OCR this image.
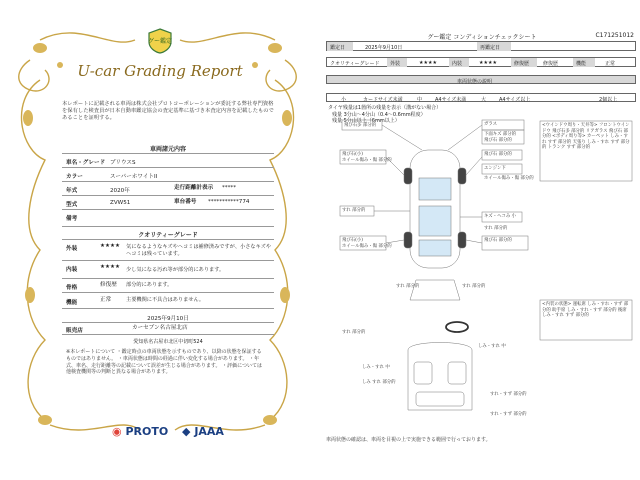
グー鑑定
U-car Grading Report
本レポートに記載される車両は株式会社プロトコーポレーションが委託する弊社専門資格を保有した検査員が日本自動車鑑定協会の査定基準に基づき本査定内容を記載したものであることを証明する。
車両諸元内容
車名・グレード プリウスS
カラー	スーパーホワイトII
年式	2020年	走行距離計表示 *****
型式	ZVW51	車台番号 ***********774
備考
クオリティーグレード
外装	★★★★ 気になるようなキズやヘコミは補修済みですが、小さなキズやヘコミは残っています。
内装	★★★★ 少し気になる汚れ等が部分的にあります。
骨格	修復歴 部分的にあります。
機能	正常	主要機関に不具合はありません。
2025年9月10日
販売店	カーセブン名古屋北店
愛知県名古屋市北区中切町524
※本レポートについて ・鑑定時点の車両状態を示すものであり、以降の状態を保証するものではありません。 ・車両状態は時間の経過に伴い変化する場合があります。 ・年式、車名、走行距離等の記載について誤差が生じる場合があります。 ・評価については他検査機関等の判断と異なる場合があります。
◉ PROTO ◆ JAAA
グー鑑定 コンディションチェックシート	C171251012
鑑定日	2025年9月10日	再鑑定日
クオリティーグレード	外装	★★★★	内装	★★★★	修復歴	修復歴	機能	正常
車両状態の説明
小	カードサイズ未満	中	A4サイズ未満	大	A4サイズ以上	2個以上
タイヤ残量は1箇所の残量を表示（溝がない場合）
残量 3分山〜4分山（0.4〜0.6mm程度）
残量 5分山以上（6mm以上）
飛び石多 部分的	ガラス
下面キズ 部分的
飛び石 部分的
飛び石(小)
ホイール傷み・傷 部分的
飛び石 部分的
エンジン下
ホイール傷み・傷 部分的
すれ 部分的
キズ・ヘコみ 小
すれ 部分的
飛び石(小)
ホイール傷み・傷 部分的
飛び石 部分的
すれ 部分的	すれ 部分的
すれ 部分的
しみ・すれ 中
しみ・すれ 中
しみ すれ 部分的
すれ・すず 部分的
すれ・すず 部分的
<ウインドウ周り・天井等> フロントウインドウ 飛び石多 部分的 リアガラス 飛び石 部分的 <ボディ周り等> カーペット しみ・すれ すず 部分的 天張り しみ・すれ すず 部分的 トランク すず 部分的
<内装の状態> 運転席 しみ・すれ・すず 部分的 助手席 しみ・すれ・すず 部分的 後席 しみ・すれ すず 部分的
車両状態の確認は、車両を目視の上で実施できる範囲で行っております。
